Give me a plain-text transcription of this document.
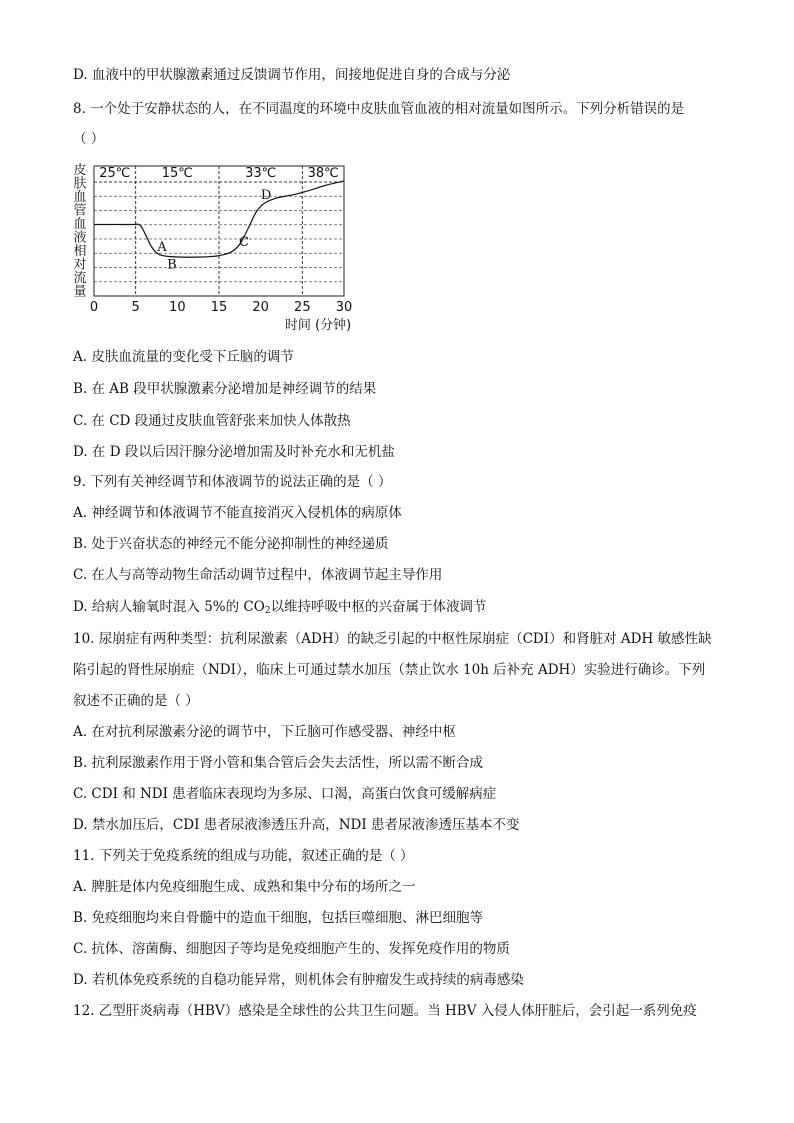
D. 血液中的甲状腺激素通过反馈调节作用，间接地促进自身的合成与分泌
8. 一个处于安静状态的人，在不同温度的环境中皮肤血管血液的相对流量如图所示。下列分析错误的是
（ ）
皮
肤
血
管
血
液
相
对
流
量
25℃ 15℃	33℃ 38℃
A
B
C
D
0	5 10 15 20 25 30
时间 (分钟)
A. 皮肤血流量的变化受下丘脑的调节
B. 在 AB 段甲状腺激素分泌增加是神经调节的结果
C. 在 CD 段通过皮肤血管舒张来加快人体散热
D. 在 D 段以后因汗腺分泌增加需及时补充水和无机盐
9. 下列有关神经调节和体液调节的说法正确的是（ ）
A. 神经调节和体液调节不能直接消灭入侵机体的病原体
B. 处于兴奋状态的神经元不能分泌抑制性的神经递质
C. 在人与高等动物生命活动调节过程中，体液调节起主导作用
D. 给病人输氧时混入 5%的 $CO_2$以维持呼吸中枢的兴奋属于体液调节
10. 尿崩症有两种类型：抗利尿激素（ADH）的缺乏引起的中枢性尿崩症（CDI）和肾脏对 ADH 敏感性缺
陷引起的肾性尿崩症（NDI），临床上可通过禁水加压（禁止饮水 10h 后补充 ADH）实验进行确诊。下列
叙述不正确的是（ ）
A. 在对抗利尿激素分泌的调节中，下丘脑可作感受器、神经中枢
B. 抗利尿激素作用于肾小管和集合管后会失去活性，所以需不断合成
C. CDI 和 NDI 患者临床表现均为多尿、口渴，高蛋白饮食可缓解病症
D. 禁水加压后，CDI 患者尿液渗透压升高，NDI 患者尿液渗透压基本不变
11. 下列关于免疫系统的组成与功能，叙述正确的是（ ）
A. 脾脏是体内免疫细胞生成、成熟和集中分布的场所之一
B. 免疫细胞均来自骨髓中的造血干细胞，包括巨噬细胞、淋巴细胞等
C. 抗体、溶菌酶、细胞因子等均是免疫细胞产生的、发挥免疫作用的物质
D. 若机体免疫系统的自稳功能异常，则机体会有肿瘤发生或持续的病毒感染
12. 乙型肝炎病毒（HBV）感染是全球性的公共卫生问题。当 HBV 入侵人体肝脏后，会引起一系列免疫
